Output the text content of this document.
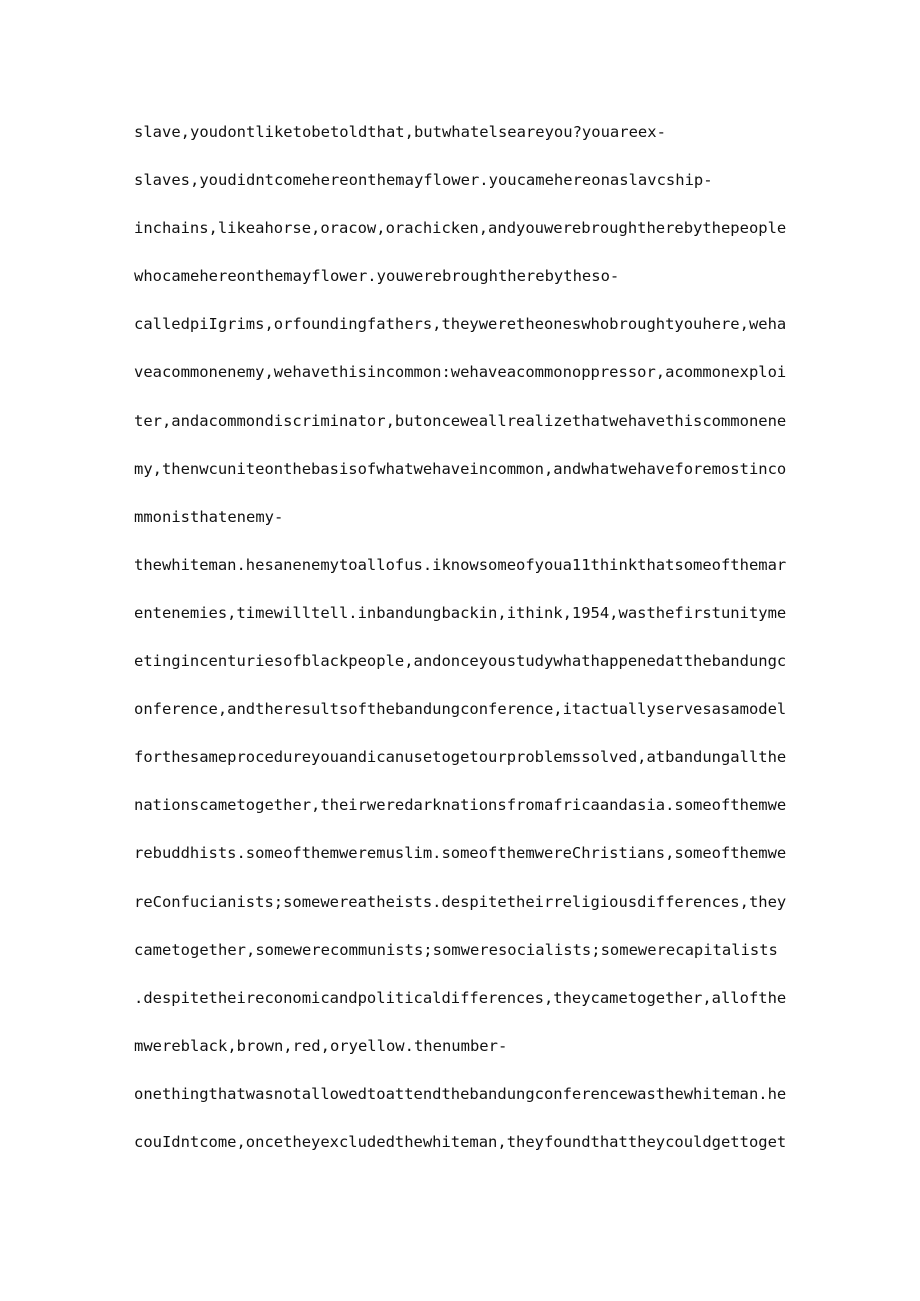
slave,youdontliketobetoldthat,butwhatelseareyou?youareex-
slaves,youdidntcomehereonthemayflower.youcamehereonaslavcship-
inchains,likeahorse,oracow,orachicken,andyouwerebroughtherebythepeople
whocamehereonthemayflower.youwerebroughtherebytheso-
calledpiIgrims,orfoundingfathers,theyweretheoneswhobroughtyouhere,weha
veacommonenemy,wehavethisincommon:wehaveacommonoppressor,acommonexploi
ter,andacommondiscriminator,butonceweallrealizethatwehavethiscommonene
my,thenwcuniteonthebasisofwhatwehaveincommon,andwhatwehaveforemostinco
mmonisthatenemy-
thewhiteman.hesanenemytoallofus.iknowsomeofyoua11thinkthatsomeofthemar
entenemies,timewilltell.inbandungbackin,ithink,1954,wasthefirstunityme
etingincenturiesofblackpeople,andonceyoustudywhathappenedatthebandungc
onference,andtheresultsofthebandungconference,itactuallyservesasamodel
forthesameprocedureyouandicanusetogetourproblemssolved,atbandungallthe
nationscametogether,theirweredarknationsfromafricaandasia.someofthemwe
rebuddhists.someofthemweremuslim.someofthemwereChristians,someofthemwe
reConfucianists;somewereatheists.despitetheirreligiousdifferences,they
cametogether,somewerecommunists;somweresocialists;somewerecapitalists
.despitetheireconomicandpoliticaldifferences,theycametogether,allofthe
mwereblack,brown,red,oryellow.thenumber-
onethingthatwasnotallowedtoattendthebandungconferencewasthewhiteman.he
couIdntcome,oncetheyexcludedthewhiteman,theyfoundthattheycouldgettoget
